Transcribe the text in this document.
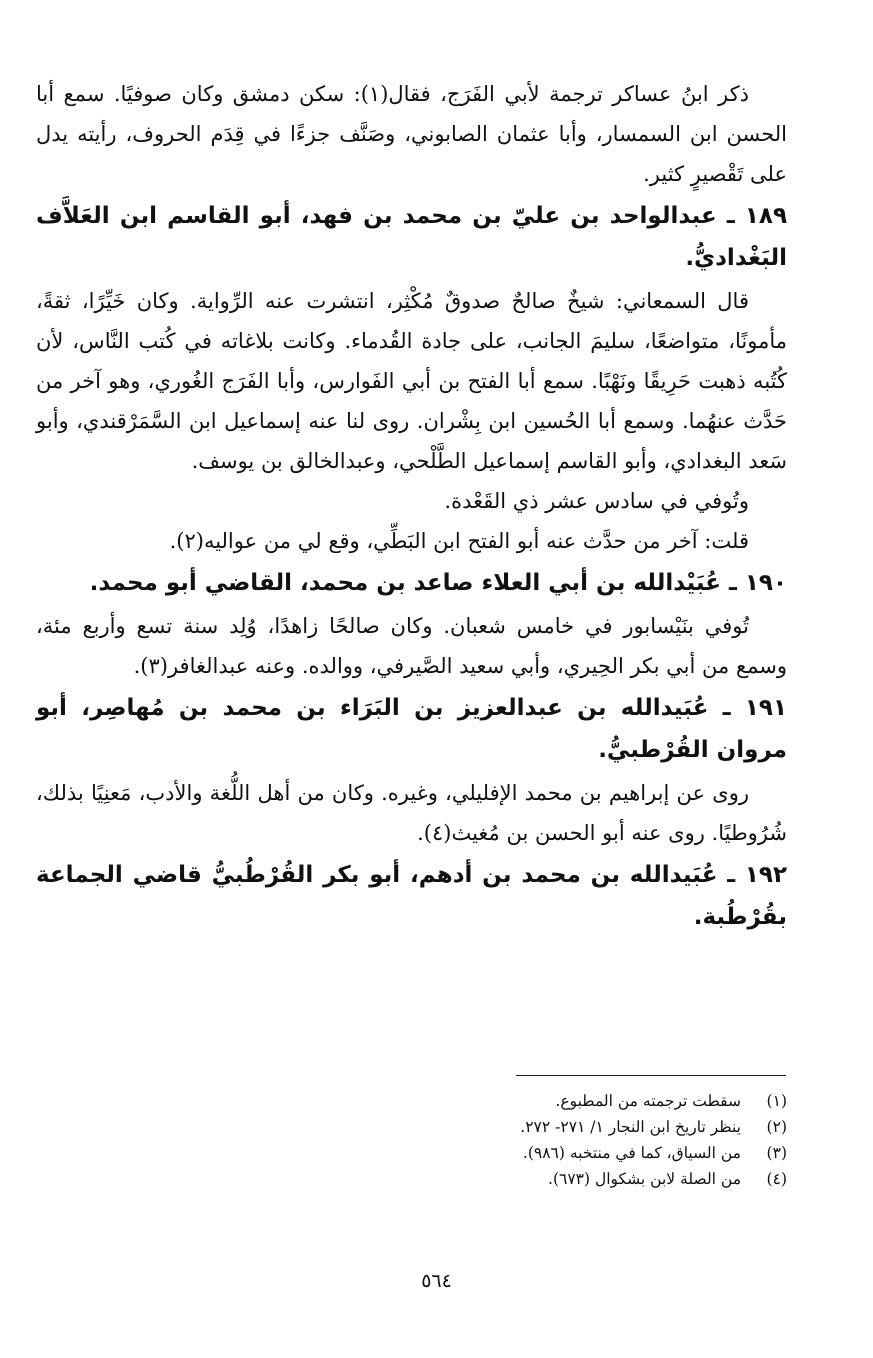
ذكر ابنُ عساكر ترجمة لأبي الفَرَج، فقال(١): سكن دمشق وكان صوفيًا. سمع أبا الحسن ابن السمسار، وأبا عثمان الصابوني، وصَنَّف جزءًا في قِدَم الحروف، رأيته يدل على تَقْصيرٍ كثير.

١٨٩ ـ عبدالواحد بن عليّ بن محمد بن فهد، أبو القاسم ابن العَلاَّف البَغْداديُّ.

قال السمعاني: شيخٌ صالحٌ صدوقٌ مُكْثِر، انتشرت عنه الرِّواية. وكان خَيِّرًا، ثقةً، مأمونًا، متواضعًا، سليمَ الجانب، على جادة القُدماء. وكانت بلاغاته في كُتب النَّاس، لأن كُتُبه ذهبت حَرِيقًا ونَهْبًا. سمع أبا الفتح بن أبي الفَوارس، وأبا الفَرَج الغُوري، وهو آخر من حَدَّث عنهُما. وسمع أبا الحُسين ابن بِشْران. روى لنا عنه إسماعيل ابن السَّمَرْقندي، وأبو سَعد البغدادي، وأبو القاسم إسماعيل الطَّلْحي، وعبدالخالق بن يوسف.

وتُوفي في سادس عشر ذي القَعْدة.

قلت: آخر من حدَّث عنه أبو الفتح ابن البَطِّي، وقع لي من عواليه(٢).

١٩٠ ـ عُبَيْدالله بن أبي العلاء صاعد بن محمد، القاضي أبو محمد.

تُوفي بنَيْسابور في خامس شعبان. وكان صالحًا زاهدًا، وُلِد سنة تسع وأربع مئة، وسمع من أبي بكر الحِيري، وأبي سعيد الصَّيرفي، ووالده. وعنه عبدالغافر(٣).

١٩١ ـ عُبَيدالله بن عبدالعزيز بن البَرَاء بن محمد بن مُهاصِر، أبو مروان القُرْطبيُّ.

روى عن إبراهيم بن محمد الإفليلي، وغيره. وكان من أهل اللُّغة والأدب، مَعنِيًا بذلك، شُرُوطيًا. روى عنه أبو الحسن بن مُغيث(٤).

١٩٢ ـ عُبَيدالله بن محمد بن أدهم، أبو بكر القُرْطُبيُّ قاضي الجماعة بقُرْطُبة.

(١)
سقطت ترجمته من المطبوع.
(٢)
ينظر تاريخ ابن النجار ١/ ٢٧١- ٢٧٢.
(٣)
من السياق، كما في منتخبه (٩٨٦).
(٤)
من الصلة لابن بشكوال (٦٧٣).
٥٦٤
